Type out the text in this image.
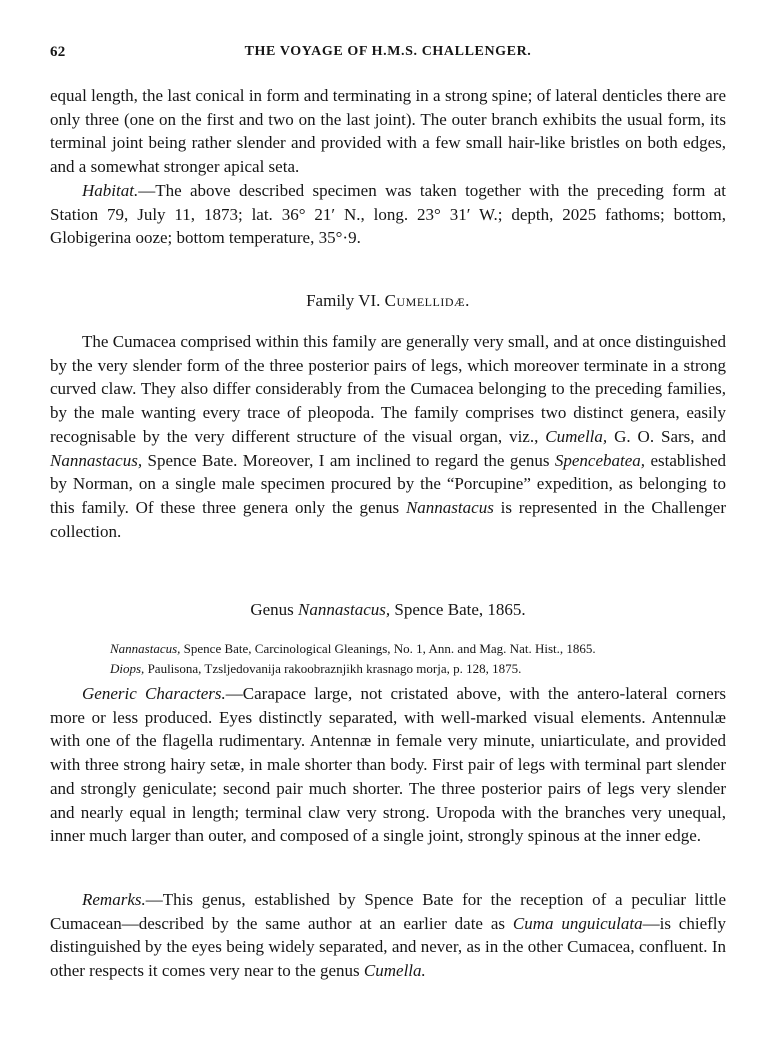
62	THE VOYAGE OF H.M.S. CHALLENGER.

equal length, the last conical in form and terminating in a strong spine; of lateral denticles there are only three (one on the first and two on the last joint). The outer branch exhibits the usual form, its terminal joint being rather slender and provided with a few small hair-like bristles on both edges, and a somewhat stronger apical seta.

Habitat.—The above described specimen was taken together with the preceding form at Station 79, July 11, 1873; lat. 36° 21′ N., long. 23° 31′ W.; depth, 2025 fathoms; bottom, Globigerina ooze; bottom temperature, 35°·9.

Family VI. Cumellidæ.

The Cumacea comprised within this family are generally very small, and at once distinguished by the very slender form of the three posterior pairs of legs, which moreover terminate in a strong curved claw. They also differ considerably from the Cumacea belonging to the preceding families, by the male wanting every trace of pleopoda. The family comprises two distinct genera, easily recognisable by the very different structure of the visual organ, viz., Cumella, G. O. Sars, and Nannastacus, Spence Bate. Moreover, I am inclined to regard the genus Spencebatea, established by Norman, on a single male specimen procured by the “Porcupine” expedition, as belonging to this family. Of these three genera only the genus Nannastacus is represented in the Challenger collection.

Genus Nannastacus, Spence Bate, 1865.

Nannastacus, Spence Bate, Carcinological Gleanings, No. 1, Ann. and Mag. Nat. Hist., 1865.
Diops, Paulisona, Tzsljedovanija rakoobraznjikh krasnago morja, p. 128, 1875.

Generic Characters.—Carapace large, not cristated above, with the antero-lateral corners more or less produced. Eyes distinctly separated, with well-marked visual elements. Antennulæ with one of the flagella rudimentary. Antennæ in female very minute, uniarticulate, and provided with three strong hairy setæ, in male shorter than body. First pair of legs with terminal part slender and strongly geniculate; second pair much shorter. The three posterior pairs of legs very slender and nearly equal in length; terminal claw very strong. Uropoda with the branches very unequal, inner much larger than outer, and composed of a single joint, strongly spinous at the inner edge.

Remarks.—This genus, established by Spence Bate for the reception of a peculiar little Cumacean—described by the same author at an earlier date as Cuma unguiculata—is chiefly distinguished by the eyes being widely separated, and never, as in the other Cumacea, confluent. In other respects it comes very near to the genus Cumella.
